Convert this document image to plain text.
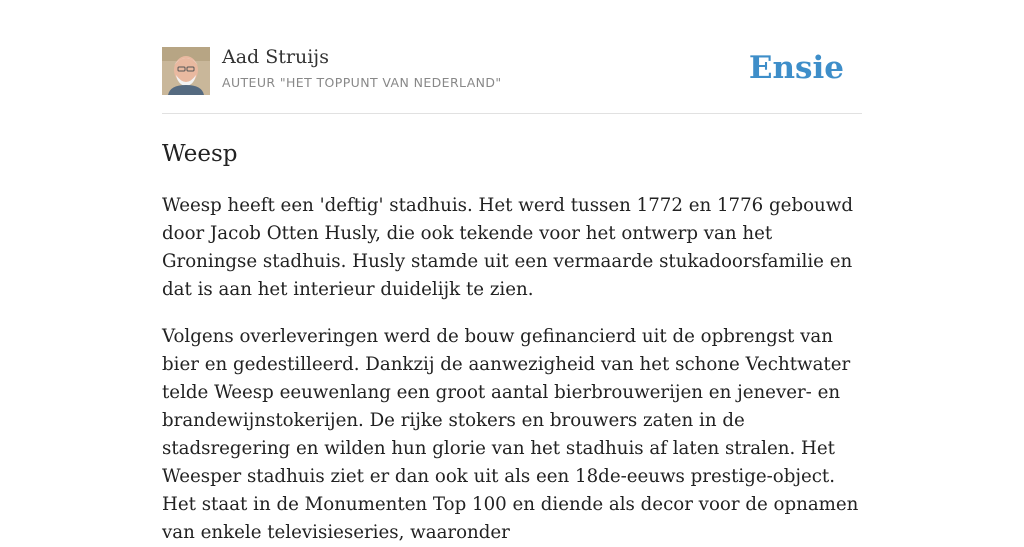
Aad Struijs
AUTEUR "HET TOPPUNT VAN NEDERLAND"	Ensie
Weesp

Weesp heeft een 'deftig' stadhuis. Het werd tussen 1772 en 1776 gebouwd door Jacob Otten Husly, die ook tekende voor het ontwerp van het Groningse stadhuis. Husly stamde uit een vermaarde stukadoorsfamilie en dat is aan het interieur duidelijk te zien.

Volgens overleveringen werd de bouw gefinancierd uit de opbrengst van bier en gedestilleerd. Dankzij de aanwezigheid van het schone Vechtwater telde Weesp eeuwenlang een groot aantal bierbrouwerijen en jenever- en brandewijnstokerijen. De rijke stokers en brouwers zaten in de stadsregering en wilden hun glorie van het stadhuis af laten stralen. Het Weesper stadhuis ziet er dan ook uit als een 18de-eeuws prestige-object. Het staat in de Monumenten Top 100 en diende als decor voor de opnamen van enkele televisieseries, waaronder
